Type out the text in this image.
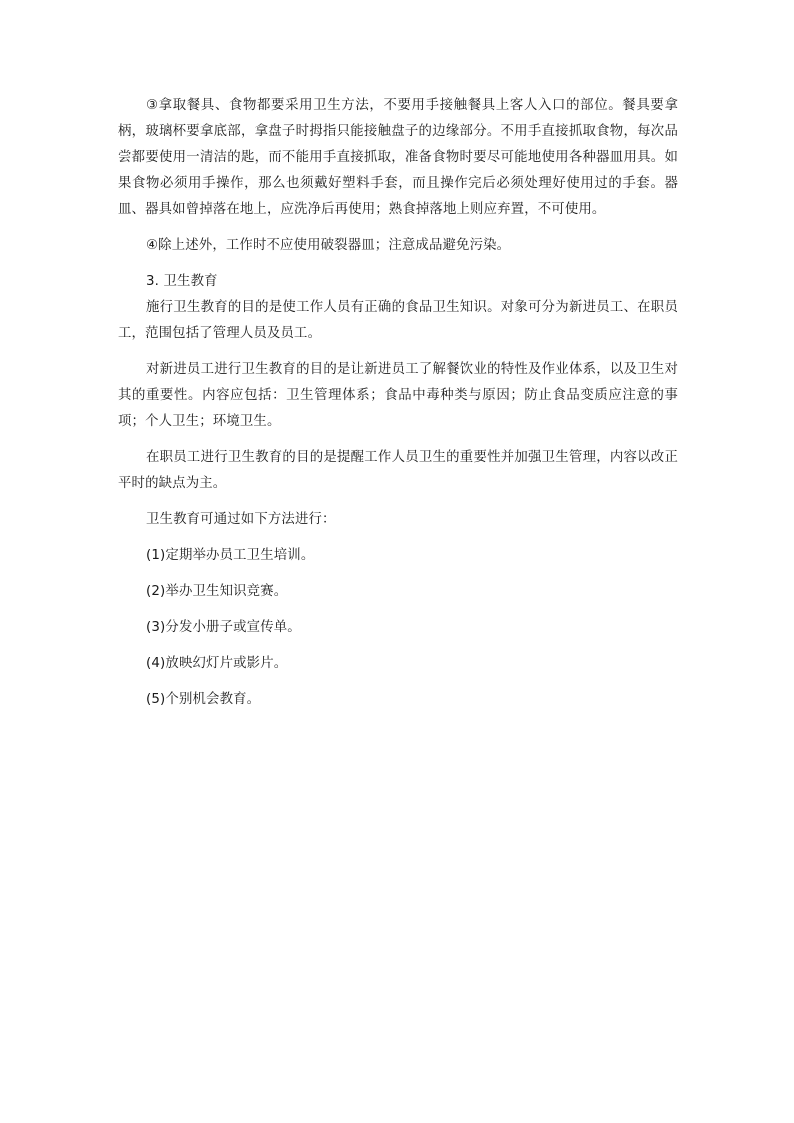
③拿取餐具、食物都要采用卫生方法，不要用手接触餐具上客人入口的部位。餐具要拿柄，玻璃杯要拿底部，拿盘子时拇指只能接触盘子的边缘部分。不用手直接抓取食物，每次品尝都要使用一清洁的匙，而不能用手直接抓取，准备食物时要尽可能地使用各种器皿用具。如果食物必须用手操作，那么也须戴好塑料手套，而且操作完后必须处理好使用过的手套。器皿、器具如曾掉落在地上，应洗净后再使用；熟食掉落地上则应弃置，不可使用。

④除上述外，工作时不应使用破裂器皿；注意成品避免污染。

3. 卫生教育

施行卫生教育的目的是使工作人员有正确的食品卫生知识。对象可分为新进员工、在职员工，范围包括了管理人员及员工。

对新进员工进行卫生教育的目的是让新进员工了解餐饮业的特性及作业体系，以及卫生对其的重要性。内容应包括：卫生管理体系；食品中毒种类与原因；防止食品变质应注意的事项；个人卫生；环境卫生。

在职员工进行卫生教育的目的是提醒工作人员卫生的重要性并加强卫生管理，内容以改正平时的缺点为主。

卫生教育可通过如下方法进行：

(1)定期举办员工卫生培训。

(2)举办卫生知识竞赛。

(3)分发小册子或宣传单。

(4)放映幻灯片或影片。

(5)个别机会教育。
